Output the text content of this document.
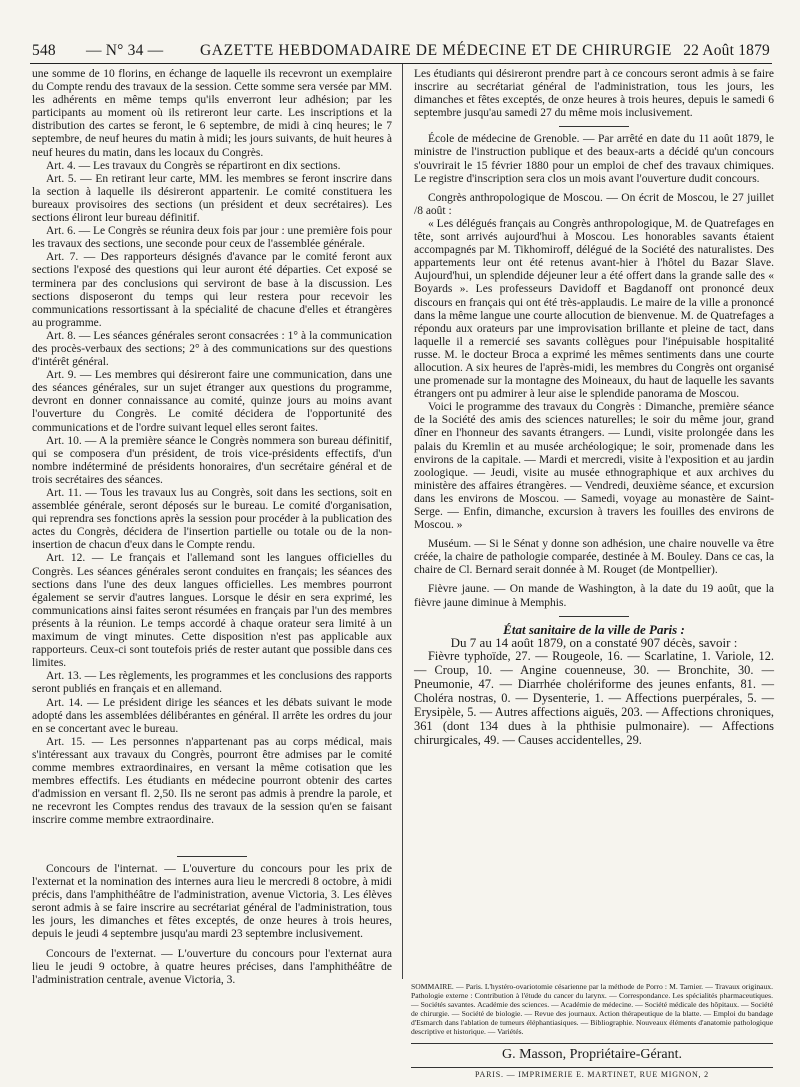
548 — N° 34 — GAZETTE HEBDOMADAIRE DE MÉDECINE ET DE CHIRURGIE 22 Août 1879

une somme de 10 florins, en échange de laquelle ils recevront un exemplaire du Compte rendu des travaux de la session. Cette somme sera versée par MM. les adhérents en même temps qu'ils enverront leur adhésion; par les participants au moment où ils retireront leur carte. Les inscriptions et la distribution des cartes se feront, le 6 septembre, de midi à cinq heures; le 7 septembre, de neuf heures du matin à midi; les jours suivants, de huit heures à neuf heures du matin, dans les locaux du Congrès.

Art. 4. — Les travaux du Congrès se répartiront en dix sections.

Art. 5. — En retirant leur carte, MM. les membres se feront inscrire dans la section à laquelle ils désireront appartenir. Le comité constituera les bureaux provisoires des sections (un président et deux secrétaires). Les sections éliront leur bureau définitif.

Art. 6. — Le Congrès se réunira deux fois par jour : une première fois pour les travaux des sections, une seconde pour ceux de l'assemblée générale.

Art. 7. — Des rapporteurs désignés d'avance par le comité feront aux sections l'exposé des questions qui leur auront été départies. Cet exposé se terminera par des conclusions qui serviront de base à la discussion. Les sections disposeront du temps qui leur restera pour recevoir les communications ressortissant à la spécialité de chacune d'elles et étrangères au programme.

Art. 8. — Les séances générales seront consacrées : 1° à la communication des procès-verbaux des sections; 2° à des communications sur des questions d'intérêt général.

Art. 9. — Les membres qui désireront faire une communication, dans une des séances générales, sur un sujet étranger aux questions du programme, devront en donner connaissance au comité, quinze jours au moins avant l'ouverture du Congrès. Le comité décidera de l'opportunité des communications et de l'ordre suivant lequel elles seront faites.

Art. 10. — A la première séance le Congrès nommera son bureau définitif, qui se composera d'un président, de trois vice-présidents effectifs, d'un nombre indéterminé de présidents honoraires, d'un secrétaire général et de trois secrétaires des séances.

Art. 11. — Tous les travaux lus au Congrès, soit dans les sections, soit en assemblée générale, seront déposés sur le bureau. Le comité d'organisation, qui reprendra ses fonctions après la session pour procéder à la publication des actes du Congrès, décidera de l'insertion partielle ou totale ou de la non-insertion de chacun d'eux dans le Compte rendu.

Art. 12. — Le français et l'allemand sont les langues officielles du Congrès. Les séances générales seront conduites en français; les séances des sections dans l'une des deux langues officielles. Les membres pourront également se servir d'autres langues. Lorsque le désir en sera exprimé, les communications ainsi faites seront résumées en français par l'un des membres présents à la réunion. Le temps accordé à chaque orateur sera limité à un maximum de vingt minutes. Cette disposition n'est pas applicable aux rapporteurs. Ceux-ci sont toutefois priés de rester autant que possible dans ces limites.

Art. 13. — Les règlements, les programmes et les conclusions des rapports seront publiés en français et en allemand.

Art. 14. — Le président dirige les séances et les débats suivant le mode adopté dans les assemblées délibérantes en général. Il arrête les ordres du jour en se concertant avec le bureau.

Art. 15. — Les personnes n'appartenant pas au corps médical, mais s'intéressant aux travaux du Congrès, pourront être admises par le comité comme membres extraordinaires, en versant la même cotisation que les membres effectifs. Les étudiants en médecine pourront obtenir des cartes d'admission en versant fl. 2,50. Ils ne seront pas admis à prendre la parole, et ne recevront les Comptes rendus des travaux de la session qu'en se faisant inscrire comme membre extraordinaire.

Concours de l'internat. — L'ouverture du concours pour les prix de l'externat et la nomination des internes aura lieu le mercredi 8 octobre, à midi précis, dans l'amphithéâtre de l'administration, avenue Victoria, 3. Les élèves seront admis à se faire inscrire au secrétariat général de l'administration, tous les jours, les dimanches et fêtes exceptés, de onze heures à trois heures, depuis le jeudi 4 septembre jusqu'au mardi 23 septembre inclusivement.

Concours de l'externat. — L'ouverture du concours pour l'externat aura lieu le jeudi 9 octobre, à quatre heures précises, dans l'amphithéâtre de l'administration centrale, avenue Victoria, 3.

Les étudiants qui désireront prendre part à ce concours seront admis à se faire inscrire au secrétariat général de l'administration, tous les jours, les dimanches et fêtes exceptés, de onze heures à trois heures, depuis le samedi 6 septembre jusqu'au samedi 27 du même mois inclusivement.

École de médecine de Grenoble. — Par arrêté en date du 11 août 1879, le ministre de l'instruction publique et des beaux-arts a décidé qu'un concours s'ouvrirait le 15 février 1880 pour un emploi de chef des travaux chimiques. Le registre d'inscription sera clos un mois avant l'ouverture dudit concours.

Congrès anthropologique de Moscou. — On écrit de Moscou, le 27 juillet /8 août :

« Les délégués français au Congrès anthropologique, M. de Quatrefages en tête, sont arrivés aujourd'hui à Moscou. Les honorables savants étaient accompagnés par M. Tikhomiroff, délégué de la Société des naturalistes. Des appartements leur ont été retenus avant-hier à l'hôtel du Bazar Slave. Aujourd'hui, un splendide déjeuner leur a été offert dans la grande salle des « Boyards ». Les professeurs Davidoff et Bagdanoff ont prononcé deux discours en français qui ont été très-applaudis. Le maire de la ville a prononcé dans la même langue une courte allocution de bienvenue. M. de Quatrefages a répondu aux orateurs par une improvisation brillante et pleine de tact, dans laquelle il a remercié ses savants collègues pour l'inépuisable hospitalité russe. M. le docteur Broca a exprimé les mêmes sentiments dans une courte allocution. A six heures de l'après-midi, les membres du Congrès ont organisé une promenade sur la montagne des Moineaux, du haut de laquelle les savants étrangers ont pu admirer à leur aise le splendide panorama de Moscou.

Voici le programme des travaux du Congrès : Dimanche, première séance de la Société des amis des sciences naturelles; le soir du même jour, grand dîner en l'honneur des savants étrangers. — Lundi, visite prolongée dans les palais du Kremlin et au musée archéologique; le soir, promenade dans les environs de la capitale. — Mardi et mercredi, visite à l'exposition et au jardin zoologique. — Jeudi, visite au musée ethnographique et aux archives du ministère des affaires étrangères. — Vendredi, deuxième séance, et excursion dans les environs de Moscou. — Samedi, voyage au monastère de Saint-Serge. — Enfin, dimanche, excursion à travers les fouilles des environs de Moscou. »

Muséum. — Si le Sénat y donne son adhésion, une chaire nouvelle va être créée, la chaire de pathologie comparée, destinée à M. Bouley. Dans ce cas, la chaire de Cl. Bernard serait donnée à M. Rouget (de Montpellier).

Fièvre jaune. — On mande de Washington, à la date du 19 août, que la fièvre jaune diminue à Memphis.

État sanitaire de la ville de Paris :

Du 7 au 14 août 1879, on a constaté 907 décès, savoir :

Fièvre typhoïde, 27. — Rougeole, 16. — Scarlatine, 1. Variole, 12. — Croup, 10. — Angine couenneuse, 30. — Bronchite, 30. — Pneumonie, 47. — Diarrhée cholériforme des jeunes enfants, 81. — Choléra nostras, 0. — Dysenterie, 1. — Affections puerpérales, 5. — Erysipèle, 5. — Autres affections aiguës, 203. — Affections chroniques, 361 (dont 134 dues à la phthisie pulmonaire). — Affections chirurgicales, 49. — Causes accidentelles, 29.

SOMMAIRE. — Paris. L'hystéro-ovariotomie césarienne par la méthode de Porro : M. Tarnier. — Travaux originaux. Pathologie externe : Contribution à l'étude du cancer du larynx. — Correspondance. Les spécialités pharmaceutiques. — Sociétés savantes. Académie des sciences. — Académie de médecine. — Société médicale des hôpitaux. — Société de chirurgie. — Société de biologie. — Revue des journaux. Action thérapeutique de la blatte. — Emploi du bandage d'Esmarch dans l'ablation de tumeurs éléphantiasiques. — Bibliographie. Nouveaux éléments d'anatomie pathologique descriptive et historique. — Variétés.

G. Masson, Propriétaire-Gérant.
PARIS. — IMPRIMERIE E. MARTINET, RUE MIGNON, 2
